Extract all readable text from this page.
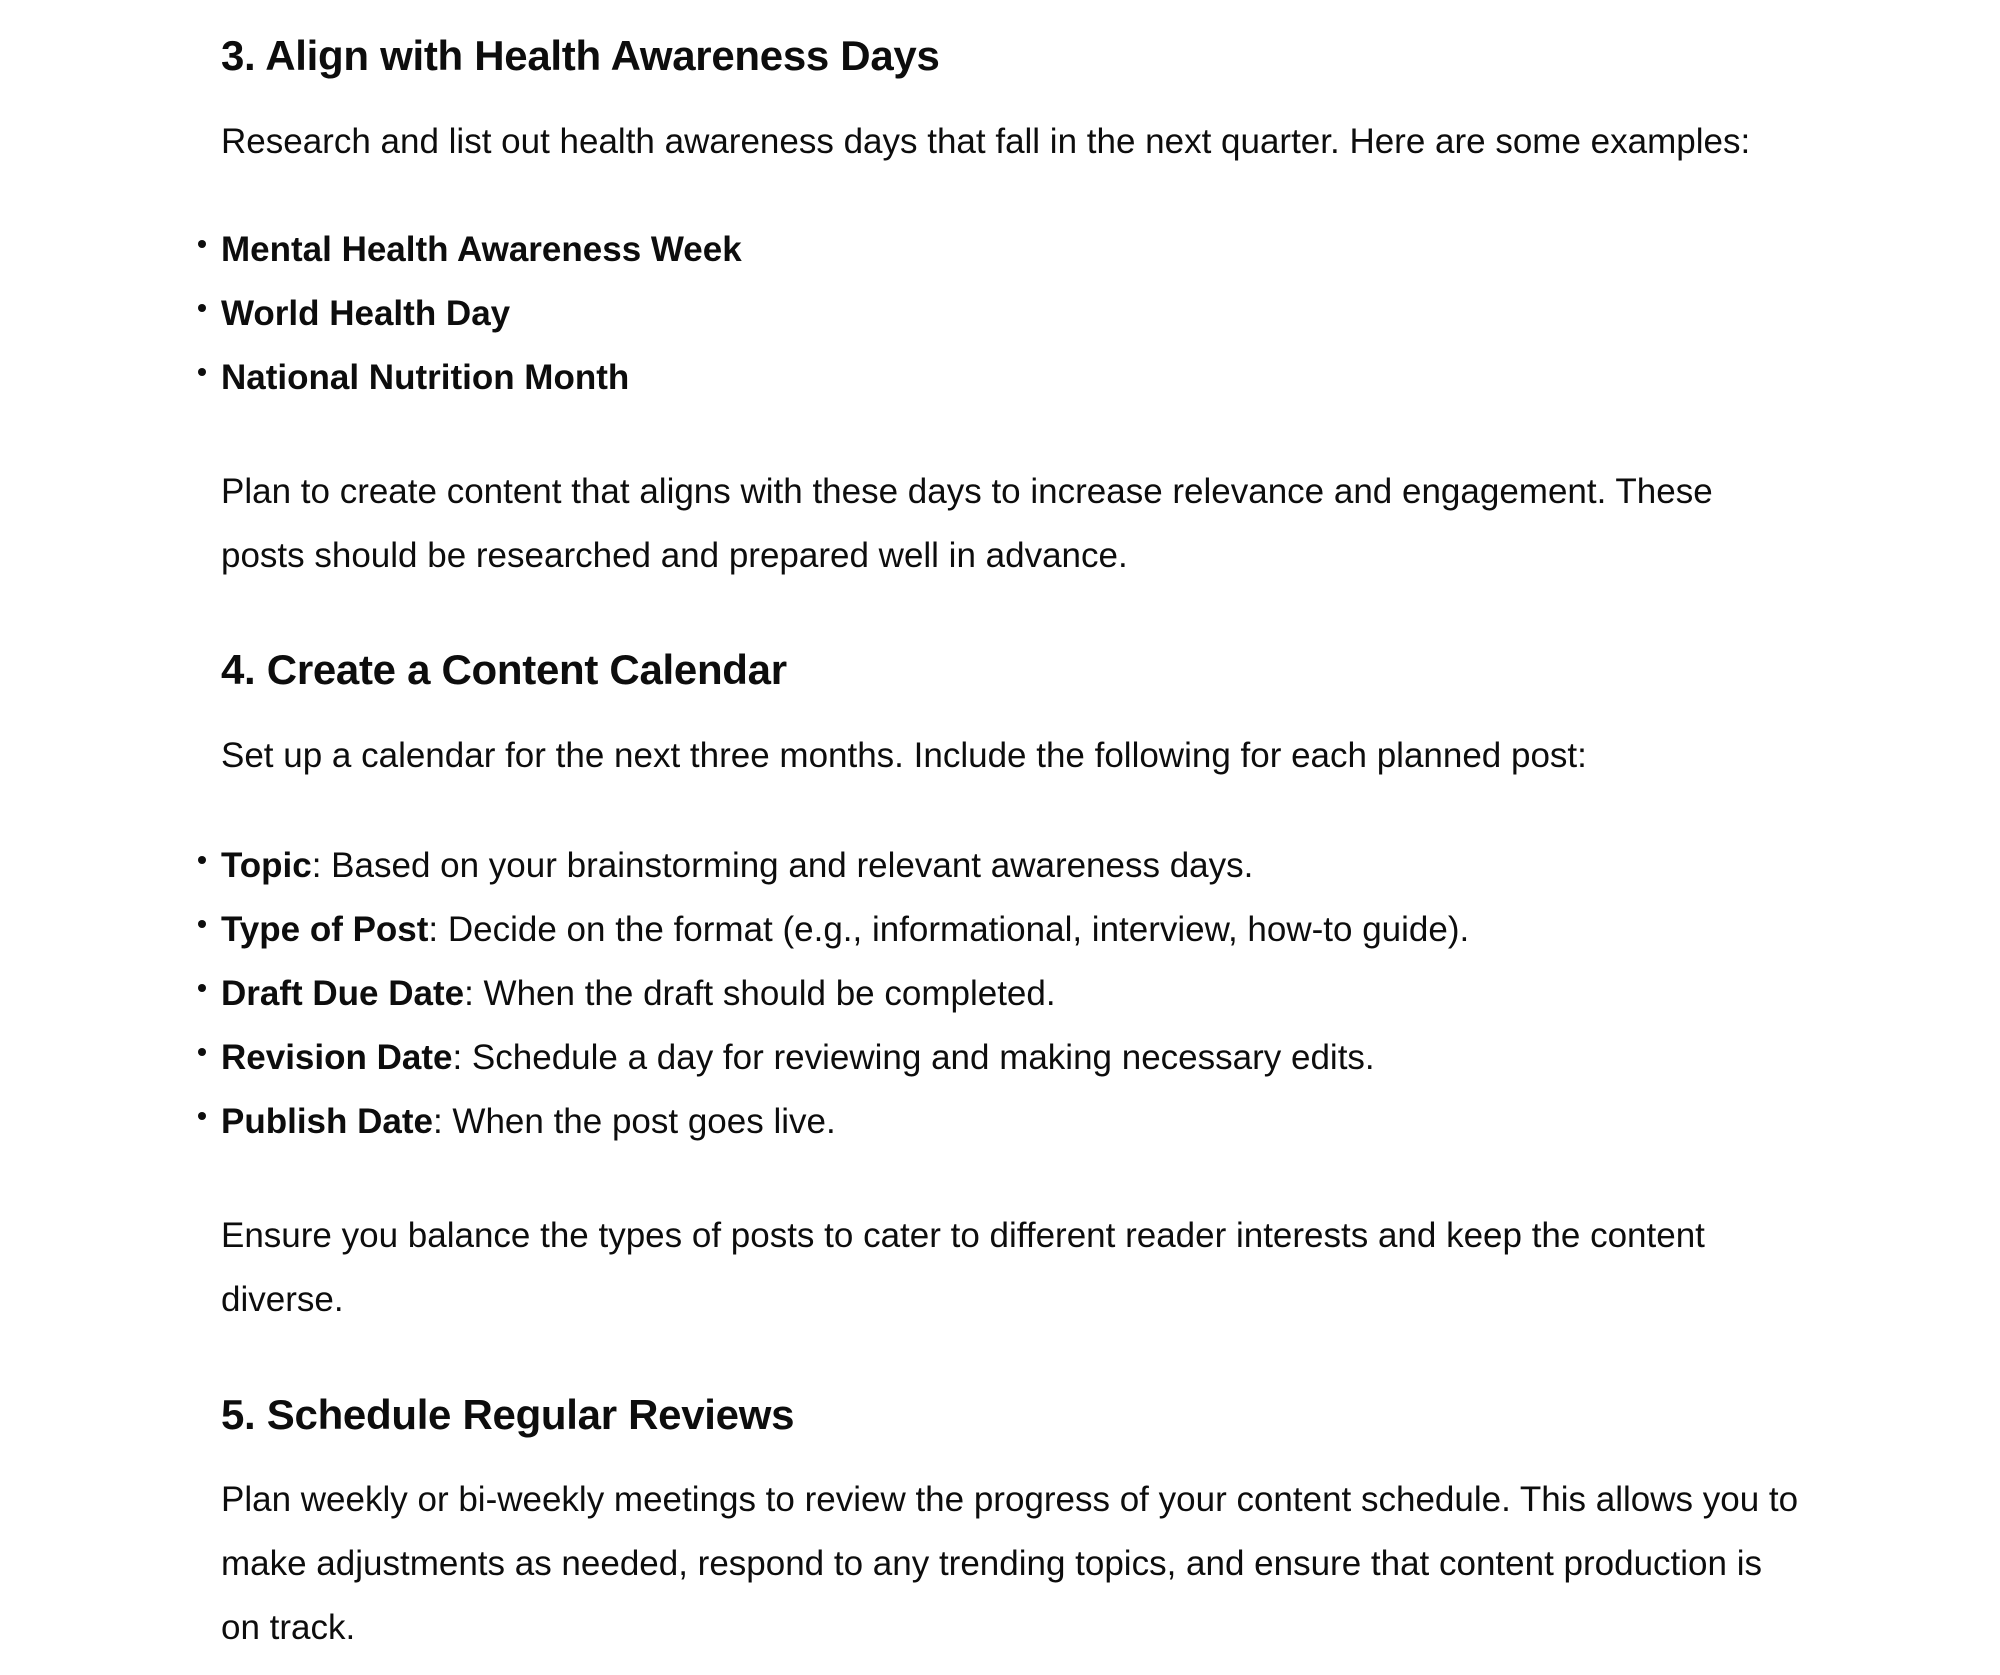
3. Align with Health Awareness Days

Research and list out health awareness days that fall in the next quarter. Here are some examples:

Mental Health Awareness Week
World Health Day
National Nutrition Month

Plan to create content that aligns with these days to increase relevance and engagement. These posts should be researched and prepared well in advance.

4. Create a Content Calendar

Set up a calendar for the next three months. Include the following for each planned post:

Topic: Based on your brainstorming and relevant awareness days.
Type of Post: Decide on the format (e.g., informational, interview, how-to guide).
Draft Due Date: When the draft should be completed.
Revision Date: Schedule a day for reviewing and making necessary edits.
Publish Date: When the post goes live.

Ensure you balance the types of posts to cater to different reader interests and keep the content diverse.

5. Schedule Regular Reviews

Plan weekly or bi-weekly meetings to review the progress of your content schedule. This allows you to make adjustments as needed, respond to any trending topics, and ensure that content production is on track.
